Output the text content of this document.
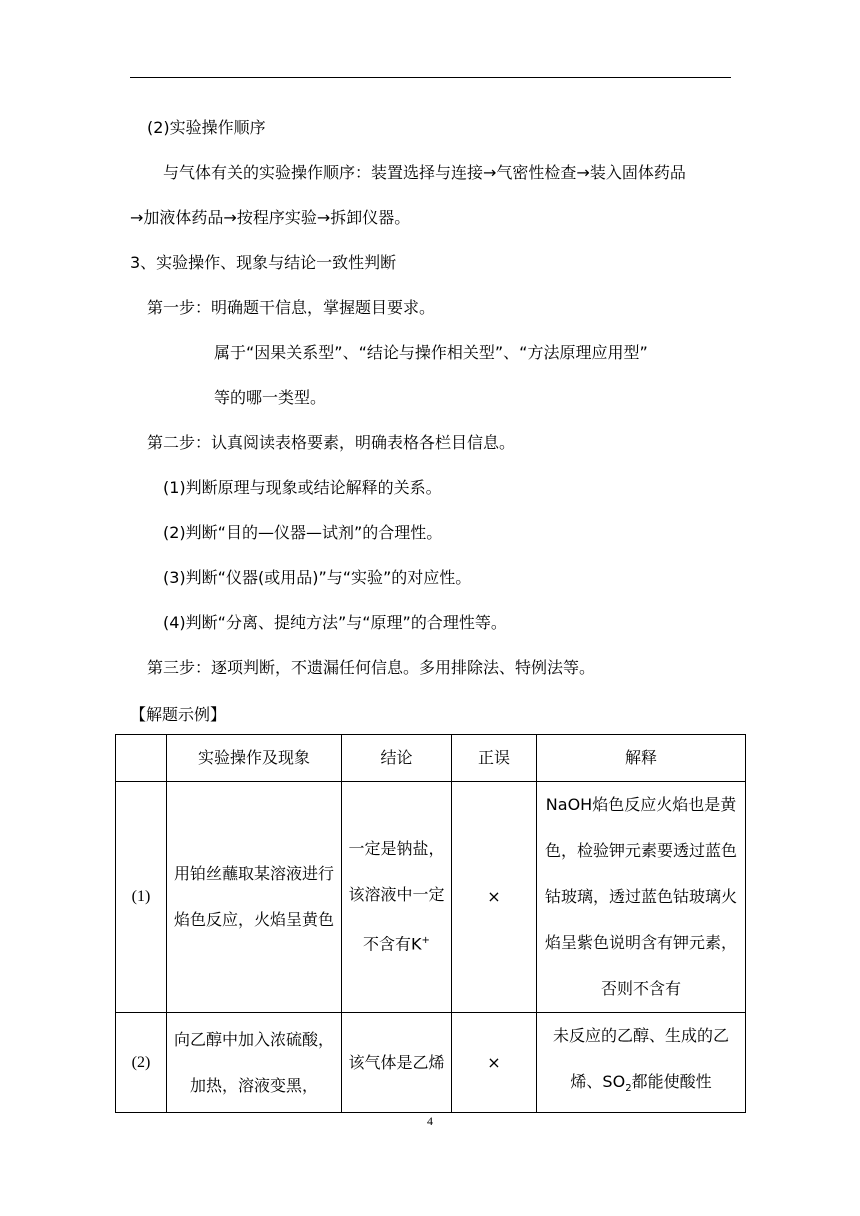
(2)实验操作顺序
与气体有关的实验操作顺序：装置选择与连接→气密性检查→装入固体药品
→加液体药品→按程序实验→拆卸仪器。
3、实验操作、现象与结论一致性判断
第一步：明确题干信息，掌握题目要求。
属于“因果关系型”、“结论与操作相关型”、“方法原理应用型”
等的哪一类型。
第二步：认真阅读表格要素，明确表格各栏目信息。
(1)判断原理与现象或结论解释的关系。
(2)判断“目的—仪器—试剂”的合理性。
(3)判断“仪器(或用品)”与“实验”的对应性。
(4)判断“分离、提纯方法”与“原理”的合理性等。
第三步：逐项判断，不遗漏任何信息。多用排除法、特例法等。
【解题示例】
	实验操作及现象	结论	正误	解释
(1)	用铂丝蘸取某溶液进行焰色反应，火焰呈黄色	一定是钠盐，该溶液中一定不含有K+	×	NaOH焰色反应火焰也是黄色，检验钾元素要透过蓝色钴玻璃，透过蓝色钴玻璃火焰呈紫色说明含有钾元素，否则不含有
(2)	向乙醇中加入浓硫酸，加热，溶液变黑，	该气体是乙烯	×	未反应的乙醇、生成的乙烯、$SO_2$都能使酸性
4
